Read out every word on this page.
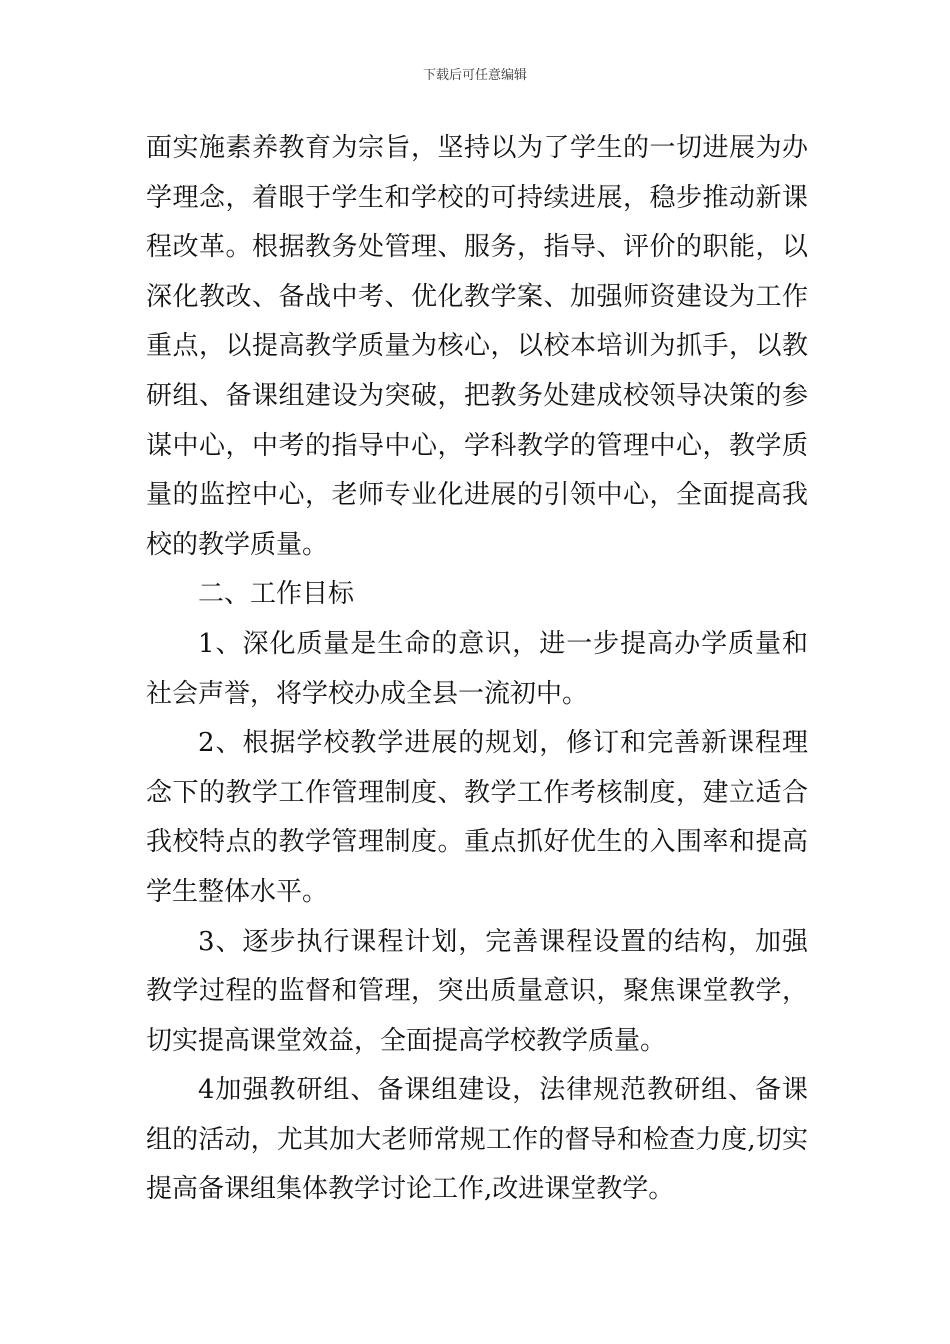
下载后可任意编辑

面实施素养教育为宗旨，坚持以为了学生的一切进展为办学理念，着眼于学生和学校的可持续进展，稳步推动新课程改革。根据教务处管理、服务，指导、评价的职能，以深化教改、备战中考、优化教学案、加强师资建设为工作重点，以提高教学质量为核心，以校本培训为抓手，以教研组、备课组建设为突破，把教务处建成校领导决策的参谋中心，中考的指导中心，学科教学的管理中心，教学质量的监控中心，老师专业化进展的引领中心，全面提高我校的教学质量。

二、工作目标

1、深化质量是生命的意识，进一步提高办学质量和社会声誉，将学校办成全县一流初中。

2、根据学校教学进展的规划，修订和完善新课程理念下的教学工作管理制度、教学工作考核制度，建立适合我校特点的教学管理制度。重点抓好优生的入围率和提高学生整体水平。

3、逐步执行课程计划，完善课程设置的结构，加强教学过程的监督和管理，突出质量意识，聚焦课堂教学，切实提高课堂效益，全面提高学校教学质量。

4加强教研组、备课组建设，法律规范教研组、备课组的活动，尤其加大老师常规工作的督导和检查力度,切实提高备课组集体教学讨论工作,改进课堂教学。
